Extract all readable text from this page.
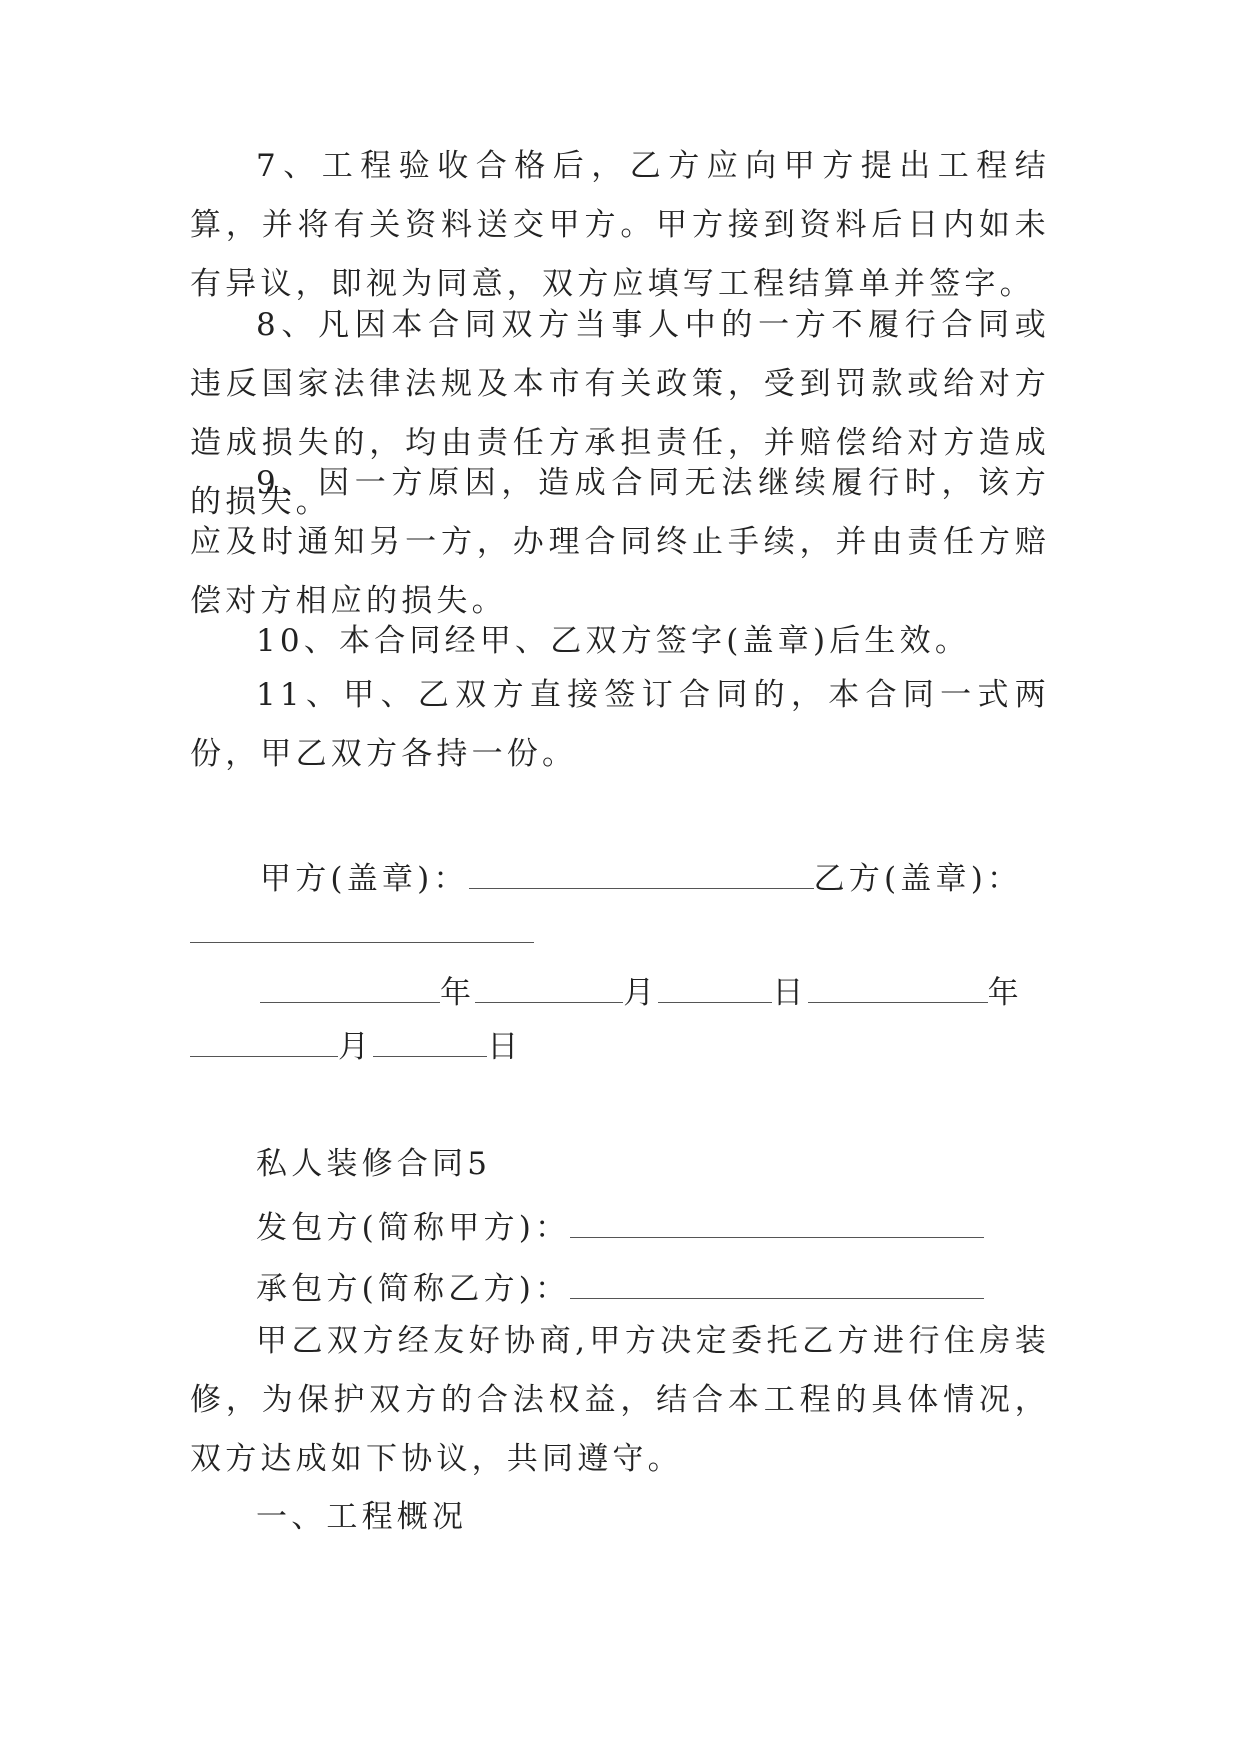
7、工程验收合格后，乙方应向甲方提出工程结算，并将有关资料送交甲方。甲方接到资料后日内如未有异议，即视为同意，双方应填写工程结算单并签字。

8、凡因本合同双方当事人中的一方不履行合同或违反国家法律法规及本市有关政策，受到罚款或给对方造成损失的，均由责任方承担责任，并赔偿给对方造成的损失。

9、因一方原因，造成合同无法继续履行时，该方应及时通知另一方，办理合同终止手续，并由责任方赔偿对方相应的损失。

10、本合同经甲、乙双方签字(盖章)后生效。

11、甲、乙双方直接签订合同的，本合同一式两份，甲乙双方各持一份。

甲方(盖章)：	乙方(盖章)：
年	月	日	年
月	日
私人装修合同5
发包方(简称甲方)：
承包方(简称乙方)：

甲乙双方经友好协商,甲方决定委托乙方进行住房装修，为保护双方的合法权益，结合本工程的具体情况，双方达成如下协议，共同遵守。

一、工程概况
